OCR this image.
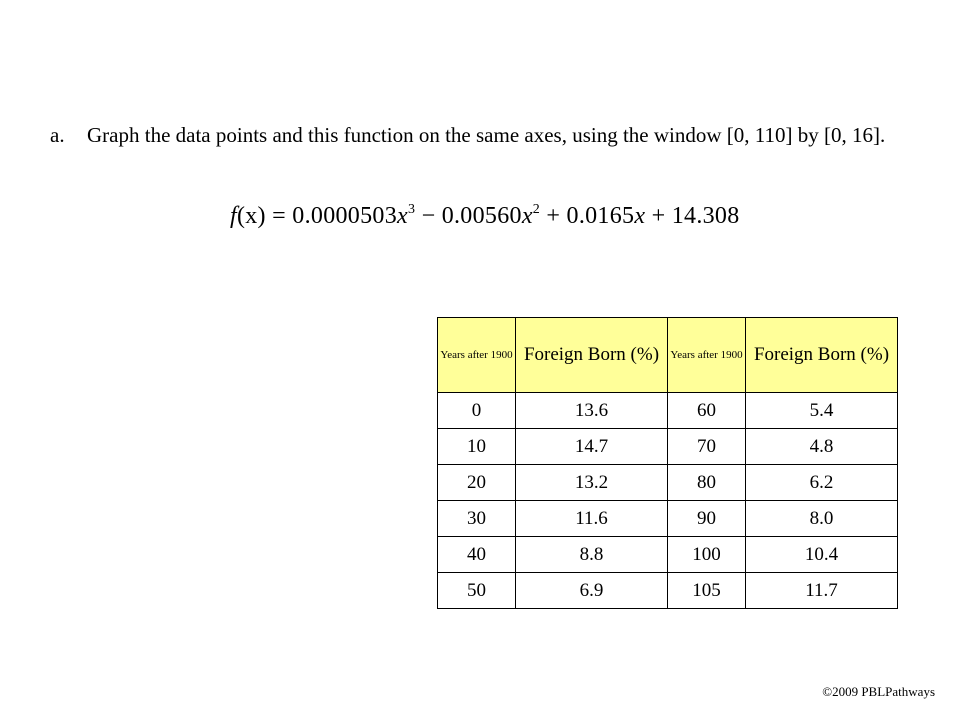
a. Graph the data points and this function on the same axes, using the window [0, 110] by [0, 16].
$f(x) = 0.0000503x^3 - 0.00560x^2 + 0.0165x + 14.308$
Years after 1900	Foreign Born (%)	Years after 1900	Foreign Born (%)
0	13.6	60	5.4
10	14.7	70	4.8
20	13.2	80	6.2
30	11.6	90	8.0
40	8.8	100	10.4
50	6.9	105	11.7
©2009 PBLPathways
